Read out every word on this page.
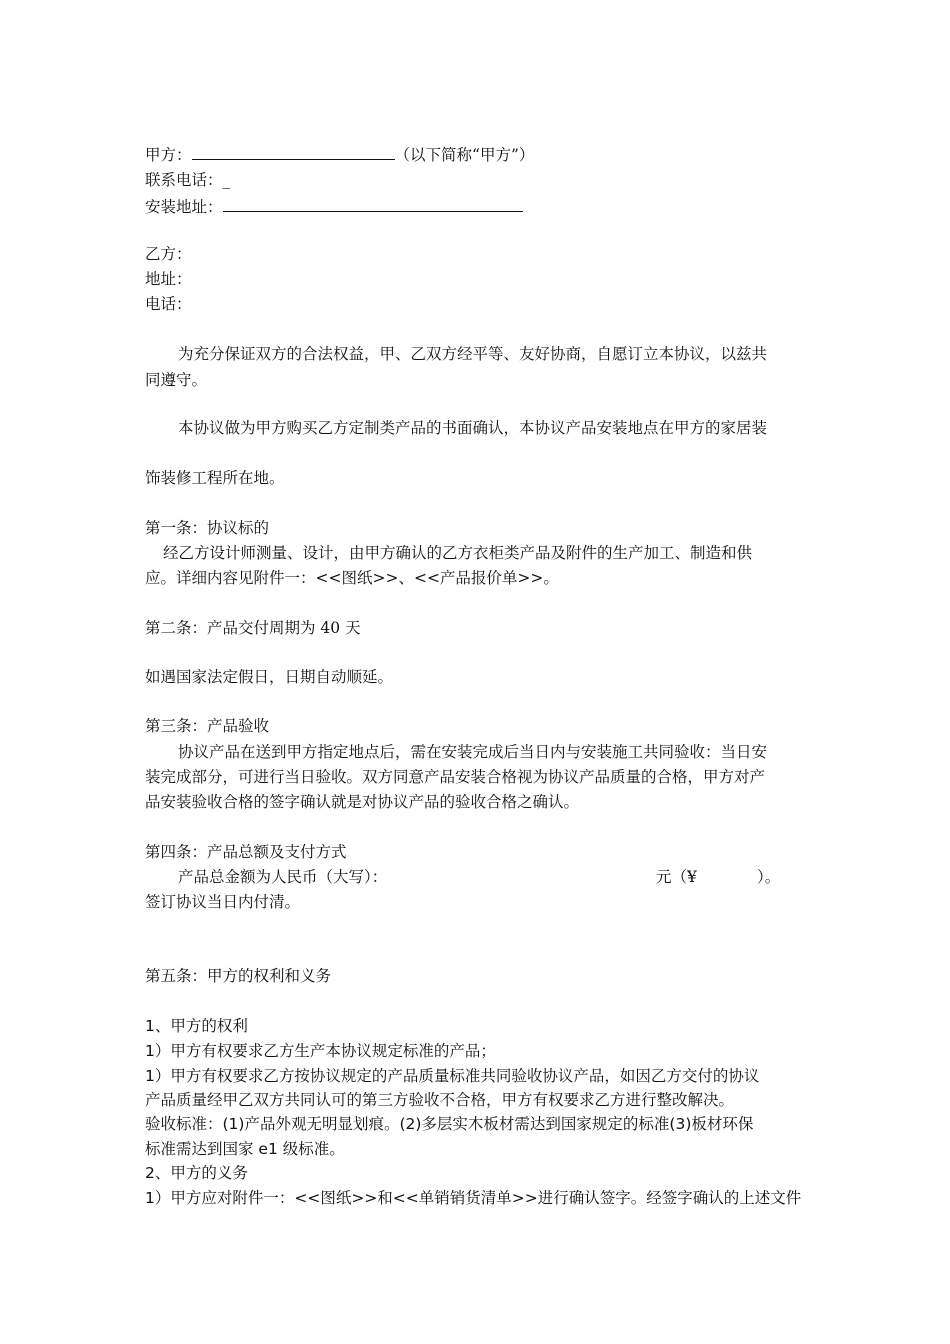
甲方：	（以下简称“甲方”）
联系电话：_
安装地址：
乙方：
地址：
电话：
为充分保证双方的合法权益，甲、乙双方经平等、友好协商，自愿订立本协议，以兹共
同遵守。
本协议做为甲方购买乙方定制类产品的书面确认，本协议产品安装地点在甲方的家居装
饰装修工程所在地。
第一条：协议标的
经乙方设计师测量、设计，由甲方确认的乙方衣柜类产品及附件的生产加工、制造和供
应。详细内容见附件一：<<图纸>>、<<产品报价单>>。
第二条：产品交付周期为 40 天
如遇国家法定假日，日期自动顺延。
第三条：产品验收
协议产品在送到甲方指定地点后，需在安装完成后当日内与安装施工共同验收：当日安
装完成部分，可进行当日验收。双方同意产品安装合格视为协议产品质量的合格，甲方对产
品安装验收合格的签字确认就是对协议产品的验收合格之确认。
第四条：产品总额及支付方式
产品总金额为人民币（大写）：	元（¥	）。
签订协议当日内付清。
第五条：甲方的权利和义务
1、甲方的权利
1）甲方有权要求乙方生产本协议规定标准的产品；
1）甲方有权要求乙方按协议规定的产品质量标准共同验收协议产品，如因乙方交付的协议
产品质量经甲乙双方共同认可的第三方验收不合格，甲方有权要求乙方进行整改解决。
验收标准：(1)产品外观无明显划痕。(2)多层实木板材需达到国家规定的标准(3)板材环保
标准需达到国家 e1 级标准。
2、甲方的义务
1）甲方应对附件一：<<图纸>>和<<单销销货清单>>进行确认签字。经签字确认的上述文件
